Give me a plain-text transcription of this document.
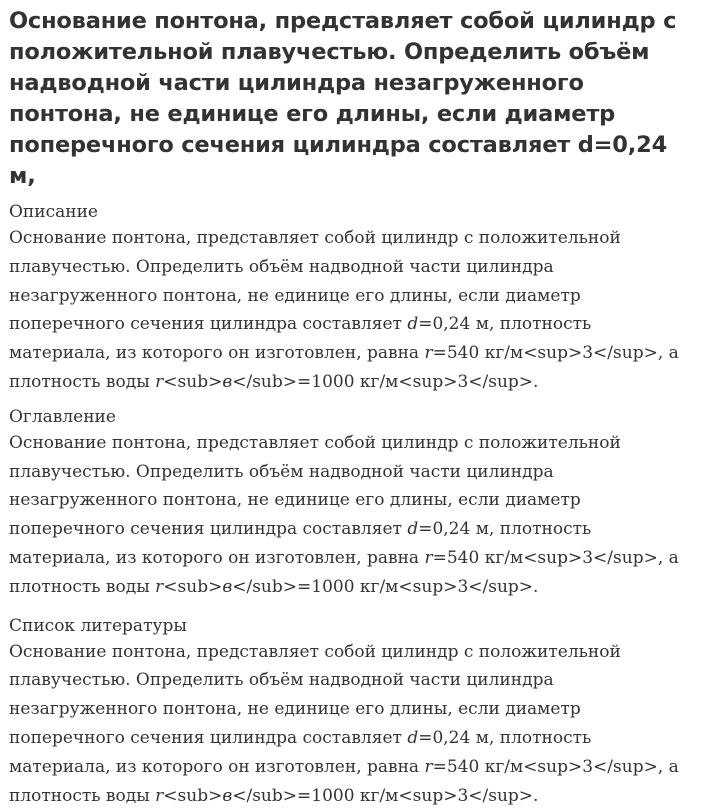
Основание понтона, представляет собой цилиндр с положительной плавучестью. Определить объём надводной части цилиндра незагруженного понтона, не единице его длины, если диаметр поперечного сечения цилиндра составляет d=0,24 м,
Описание

Основание понтона, представляет собой цилиндр с положительной плавучестью. Определить объём надводной части цилиндра незагруженного понтона, не единице его длины, если диаметр поперечного сечения цилиндра составляет d=0,24 м, плотность материала, из которого он изготовлен, равна r=540 кг/м<sup>3</sup>, а плотность воды r<sub>в</sub>=1000 кг/м<sup>3</sup>.

Оглавление

Основание понтона, представляет собой цилиндр с положительной плавучестью. Определить объём надводной части цилиндра незагруженного понтона, не единице его длины, если диаметр поперечного сечения цилиндра составляет d=0,24 м, плотность материала, из которого он изготовлен, равна r=540 кг/м<sup>3</sup>, а плотность воды r<sub>в</sub>=1000 кг/м<sup>3</sup>.

Список литературы

Основание понтона, представляет собой цилиндр с положительной плавучестью. Определить объём надводной части цилиндра незагруженного понтона, не единице его длины, если диаметр поперечного сечения цилиндра составляет d=0,24 м, плотность материала, из которого он изготовлен, равна r=540 кг/м<sup>3</sup>, а плотность воды r<sub>в</sub>=1000 кг/м<sup>3</sup>.
